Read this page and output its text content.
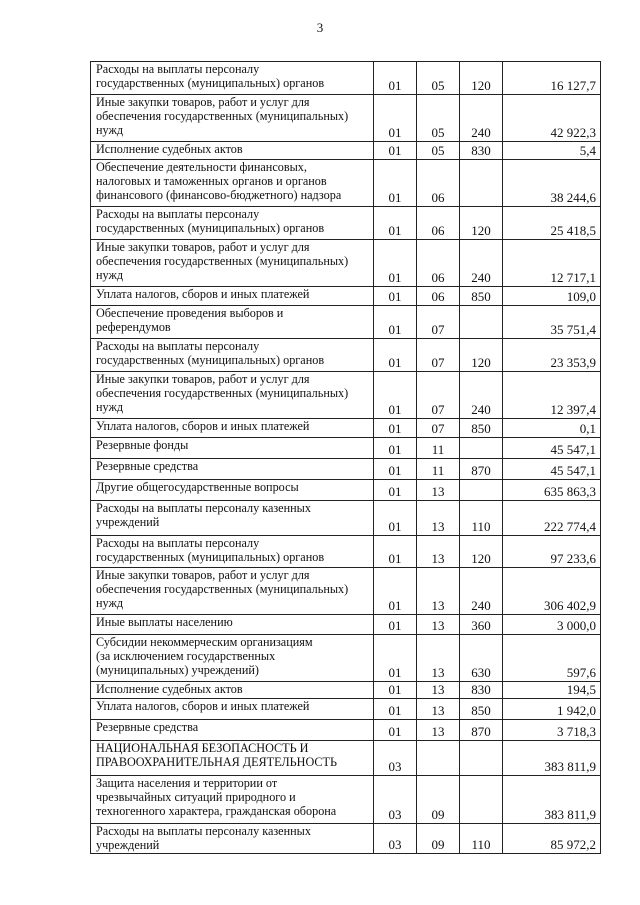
3
Расходы на выплаты персоналу
государственных (муниципальных) органов	01	05	120	16 127,7

Иные закупки товаров, работ и услуг для
обеспечения государственных (муниципальных)
нужд	01	05	240	42 922,3

Исполнение судебных актов	01	05	830	5,4

Обеспечение деятельности финансовых,
налоговых и таможенных органов и органов
финансового (финансово-бюджетного) надзора	01	06		38 244,6

Расходы на выплаты персоналу
государственных (муниципальных) органов	01	06	120	25 418,5

Иные закупки товаров, работ и услуг для
обеспечения государственных (муниципальных)
нужд	01	06	240	12 717,1

Уплата налогов, сборов и иных платежей	01	06	850	109,0

Обеспечение проведения выборов и
референдумов	01	07		35 751,4

Расходы на выплаты персоналу
государственных (муниципальных) органов	01	07	120	23 353,9

Иные закупки товаров, работ и услуг для
обеспечения государственных (муниципальных)
нужд	01	07	240	12 397,4

Уплата налогов, сборов и иных платежей	01	07	850	0,1

Резервные фонды	01	11		45 547,1

Резервные средства	01	11	870	45 547,1

Другие общегосударственные вопросы	01	13		635 863,3

Расходы на выплаты персоналу казенных
учреждений	01	13	110	222 774,4

Расходы на выплаты персоналу
государственных (муниципальных) органов	01	13	120	97 233,6

Иные закупки товаров, работ и услуг для
обеспечения государственных (муниципальных)
нужд	01	13	240	306 402,9

Иные выплаты населению	01	13	360	3 000,0

Субсидии некоммерческим организациям
(за исключением государственных
(муниципальных) учреждений)	01	13	630	597,6

Исполнение судебных актов	01	13	830	194,5

Уплата налогов, сборов и иных платежей	01	13	850	1 942,0

Резервные средства	01	13	870	3 718,3

НАЦИОНАЛЬНАЯ БЕЗОПАСНОСТЬ И
ПРАВООХРАНИТЕЛЬНАЯ ДЕЯТЕЛЬНОСТЬ	03			383 811,9

Защита населения и территории от
чрезвычайных ситуаций природного и
техногенного характера, гражданская оборона	03	09		383 811,9

Расходы на выплаты персоналу казенных
учреждений	03	09	110	85 972,2
